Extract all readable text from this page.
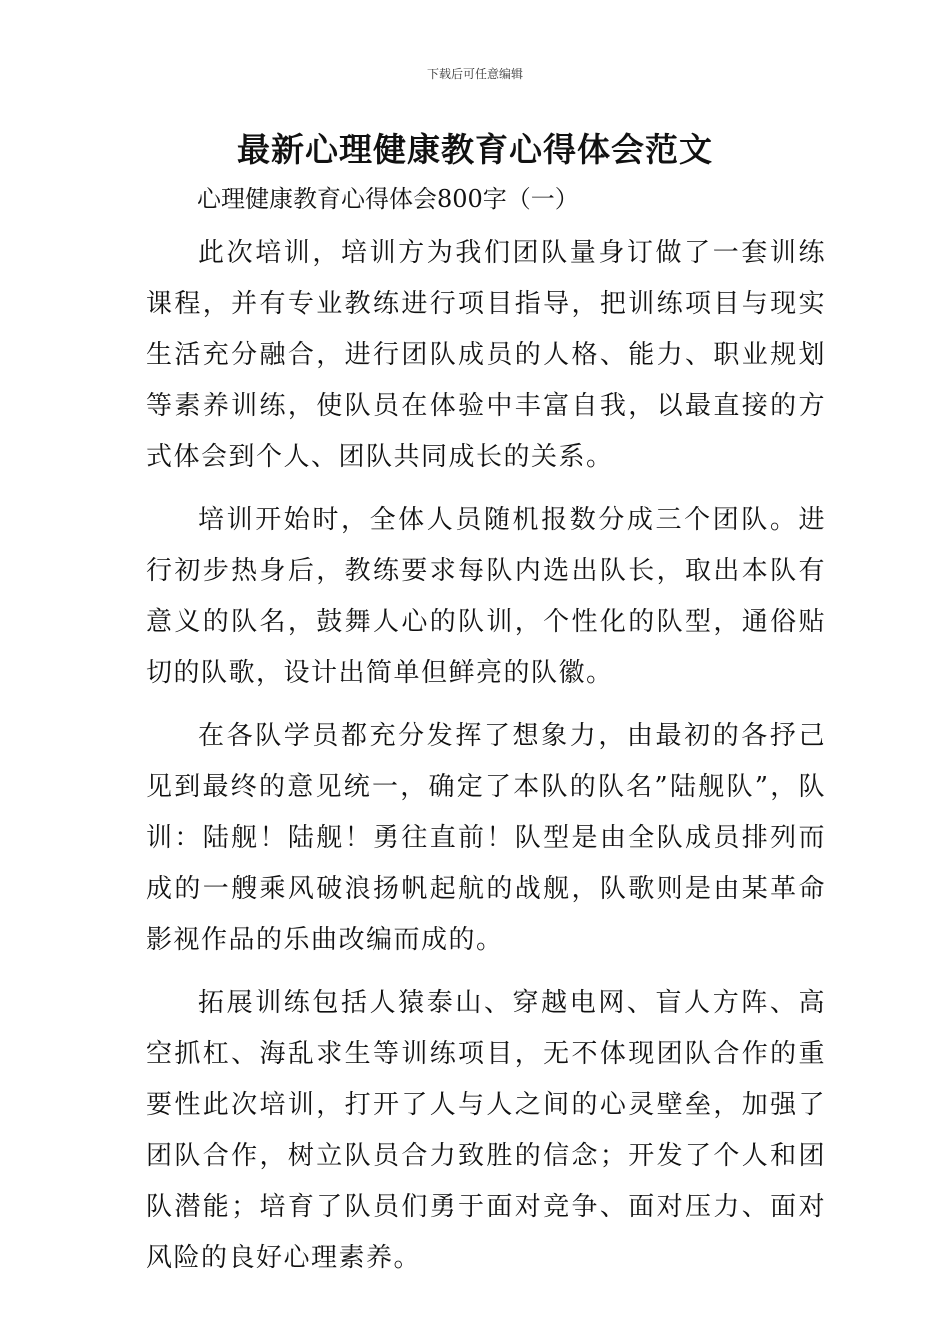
下载后可任意编辑
最新心理健康教育心得体会范文

心理健康教育心得体会800字（一）

此次培训，培训方为我们团队量身订做了一套训练课程，并有专业教练进行项目指导，把训练项目与现实生活充分融合，进行团队成员的人格、能力、职业规划等素养训练，使队员在体验中丰富自我，以最直接的方式体会到个人、团队共同成长的关系。

培训开始时，全体人员随机报数分成三个团队。进行初步热身后，教练要求每队内选出队长，取出本队有意义的队名，鼓舞人心的队训，个性化的队型，通俗贴切的队歌，设计出简单但鲜亮的队徽。

在各队学员都充分发挥了想象力，由最初的各抒己见到最终的意见统一，确定了本队的队名”陆舰队”，队训：陆舰！陆舰！勇往直前！队型是由全队成员排列而成的一艘乘风破浪扬帆起航的战舰，队歌则是由某革命影视作品的乐曲改编而成的。

拓展训练包括人猿泰山、穿越电网、盲人方阵、高空抓杠、海乱求生等训练项目，无不体现团队合作的重要性此次培训，打开了人与人之间的心灵壁垒，加强了团队合作，树立队员合力致胜的信念；开发了个人和团队潜能；培育了队员们勇于面对竞争、面对压力、面对风险的良好心理素养。
